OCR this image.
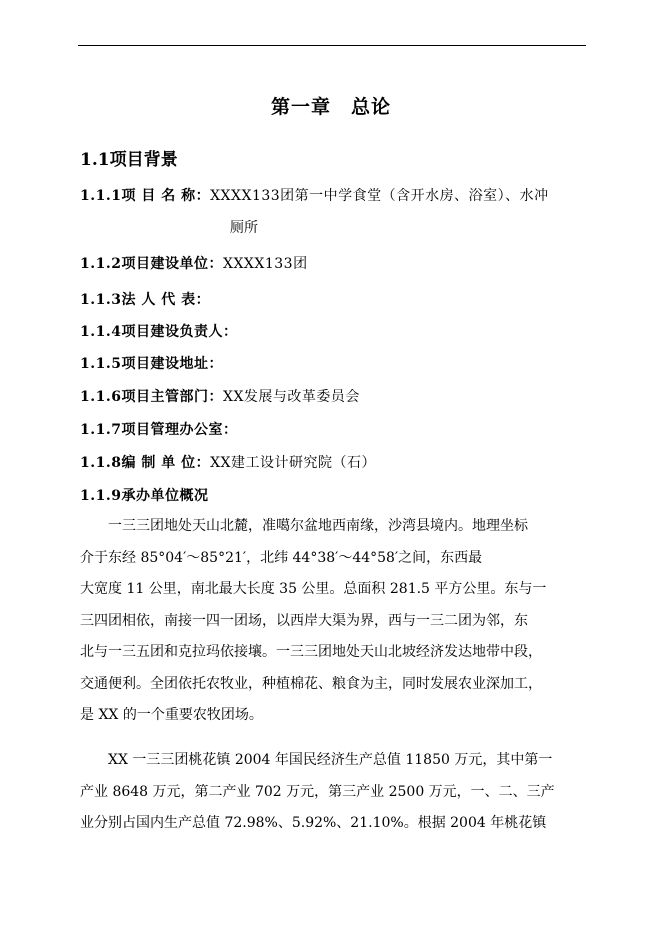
第一章　总论
1.1项目背景
1.1.1项 目 名 称：XXXX133团第一中学食堂（含开水房、浴室）、水冲
厕所
1.1.2项目建设单位：XXXX133团
1.1.3法 人 代 表：
1.1.4项目建设负责人：
1.1.5项目建设地址：
1.1.6项目主管部门：XX发展与改革委员会
1.1.7项目管理办公室：
1.1.8编 制 单 位：XX建工设计研究院（石）
1.1.9承办单位概况
一三三团地处天山北麓，准噶尔盆地西南缘，沙湾县境内。地理坐标
介于东经 85°04′～85°21′，北纬 44°38′～44°58′之间，东西最
大宽度 11 公里，南北最大长度 35 公里。总面积 281.5 平方公里。东与一
三四团相依，南接一四一团场，以西岸大渠为界，西与一三二团为邻，东
北与一三五团和克拉玛依接壤。一三三团地处天山北坡经济发达地带中段，
交通便利。全团依托农牧业，种植棉花、粮食为主，同时发展农业深加工，
是 XX 的一个重要农牧团场。
XX 一三三团桃花镇 2004 年国民经济生产总值 11850 万元，其中第一
产业 8648 万元，第二产业 702 万元，第三产业 2500 万元，一、二、三产
业分别占国内生产总值 72.98%、5.92%、21.10%。根据 2004 年桃花镇
